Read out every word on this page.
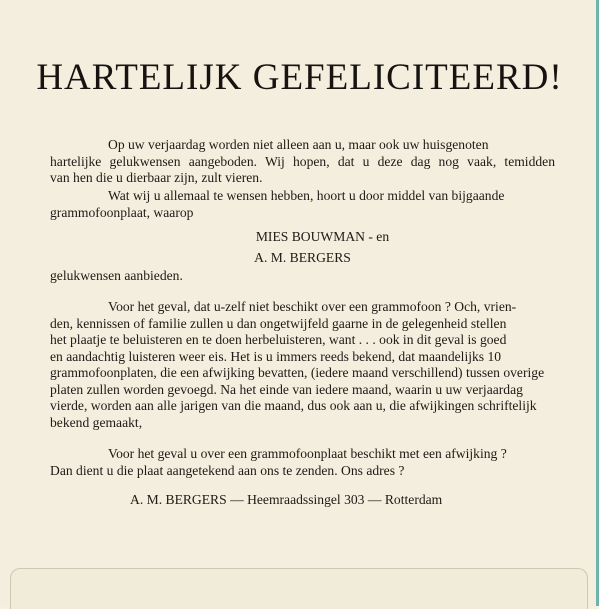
HARTELIJK GEFELICITEERD!
Op uw verjaardag worden niet alleen aan u, maar ook uw huisgenoten
hartelijke gelukwensen aangeboden. Wij hopen, dat u deze dag nog vaak, temidden
van hen die u dierbaar zijn, zult vieren.
Wat wij u allemaal te wensen hebben, hoort u door middel van bijgaande
grammofoonplaat, waarop
MIES BOUWMAN - en
A. M. BERGERS
gelukwensen aanbieden.
Voor het geval, dat u-zelf niet beschikt over een grammofoon ? Och, vrien-
den, kennissen of familie zullen u dan ongetwijfeld gaarne in de gelegenheid stellen
het plaatje te beluisteren en te doen herbeluisteren, want . . . ook in dit geval is goed
en aandachtig luisteren weer eis. Het is u immers reeds bekend, dat maandelijks 10
grammofoonplaten, die een afwijking bevatten, (iedere maand verschillend) tussen overige
platen zullen worden gevoegd. Na het einde van iedere maand, waarin u uw verjaardag
vierde, worden aan alle jarigen van die maand, dus ook aan u, die afwijkingen schriftelijk
bekend gemaakt,
Voor het geval u over een grammofoonplaat beschikt met een afwijking ?
Dan dient u die plaat aangetekend aan ons te zenden. Ons adres ?
A. M. BERGERS — Heemraadssingel 303 — Rotterdam
